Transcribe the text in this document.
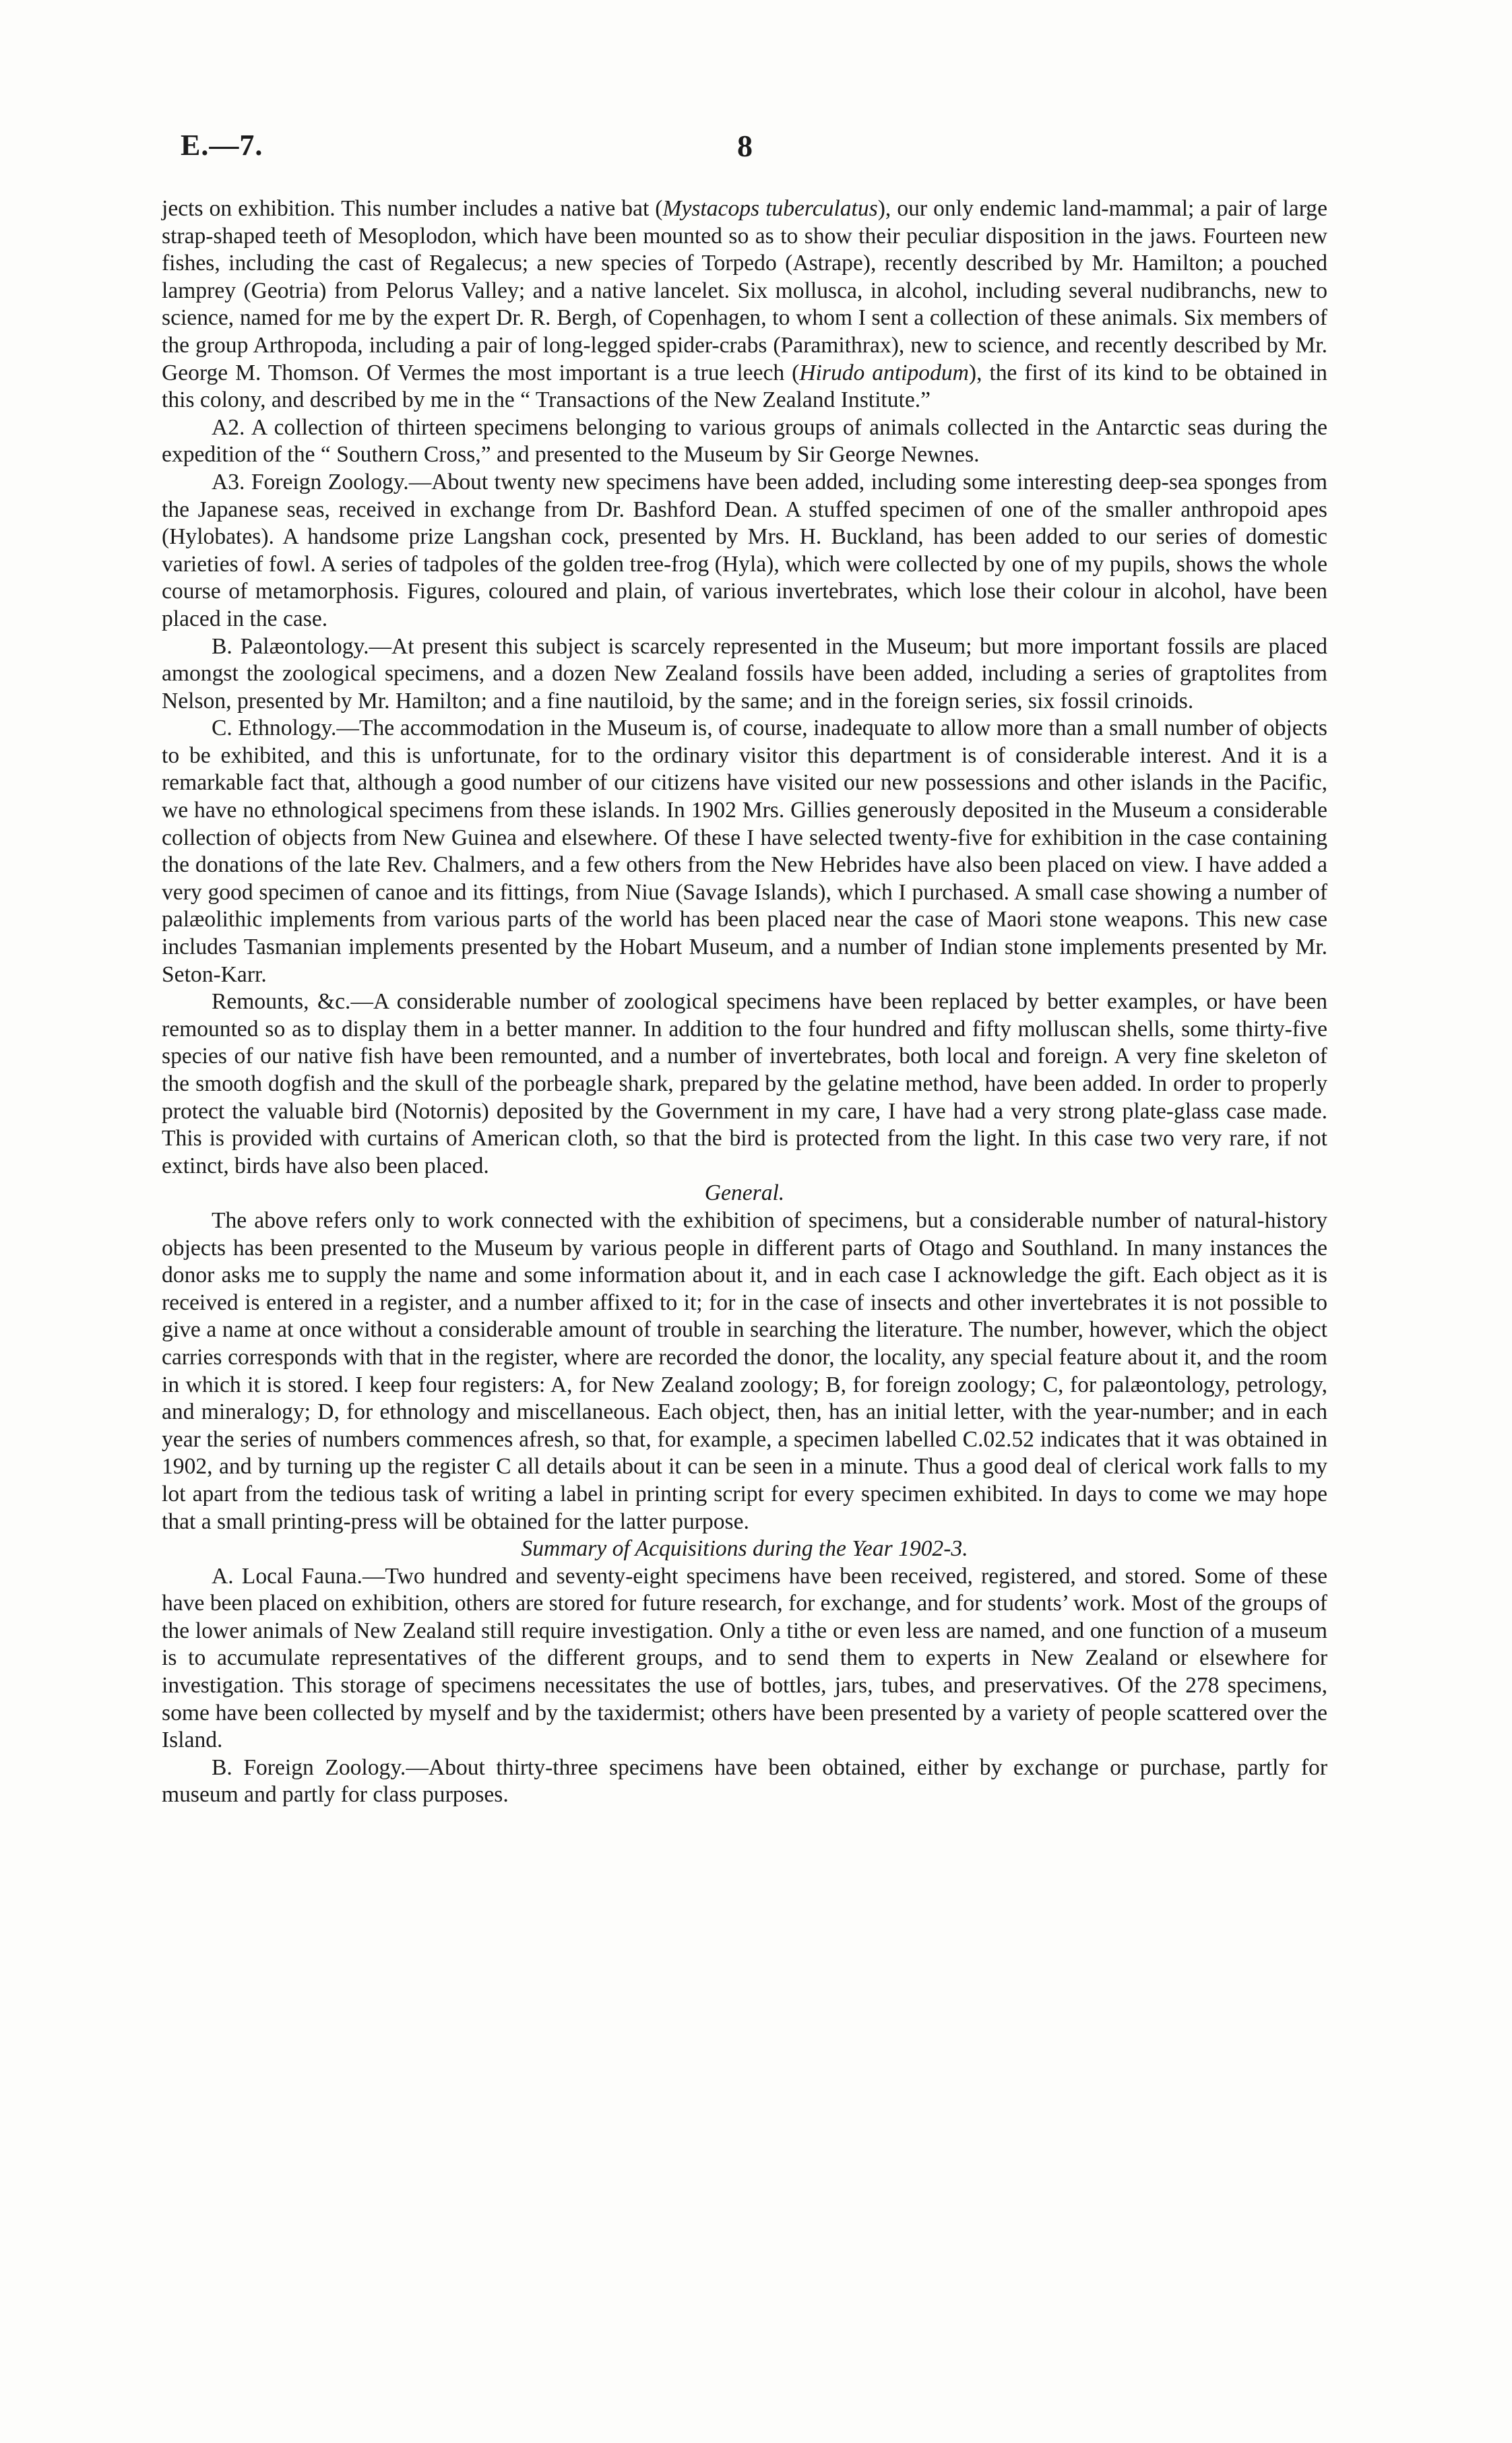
E.—7.	8

jects on exhibition. This number includes a native bat (Mystacops tuberculatus), our only endemic land-mammal; a pair of large strap-shaped teeth of Mesoplodon, which have been mounted so as to show their peculiar disposition in the jaws. Fourteen new fishes, including the cast of Regalecus; a new species of Torpedo (Astrape), recently described by Mr. Hamilton; a pouched lamprey (Geotria) from Pelorus Valley; and a native lancelet. Six mollusca, in alcohol, including several nudibranchs, new to science, named for me by the expert Dr. R. Bergh, of Copenhagen, to whom I sent a collection of these animals. Six members of the group Arthropoda, including a pair of long-legged spider-crabs (Paramithrax), new to science, and recently described by Mr. George M. Thomson. Of Vermes the most important is a true leech (Hirudo antipodum), the first of its kind to be obtained in this colony, and described by me in the “ Transactions of the New Zealand Institute.”

A2. A collection of thirteen specimens belonging to various groups of animals collected in the Antarctic seas during the expedition of the “ Southern Cross,” and presented to the Museum by Sir George Newnes.

A3. Foreign Zoology.—About twenty new specimens have been added, including some interesting deep-sea sponges from the Japanese seas, received in exchange from Dr. Bashford Dean. A stuffed specimen of one of the smaller anthropoid apes (Hylobates). A handsome prize Langshan cock, presented by Mrs. H. Buckland, has been added to our series of domestic varieties of fowl. A series of tadpoles of the golden tree-frog (Hyla), which were collected by one of my pupils, shows the whole course of metamorphosis. Figures, coloured and plain, of various invertebrates, which lose their colour in alcohol, have been placed in the case.

B. Palæontology.—At present this subject is scarcely represented in the Museum; but more important fossils are placed amongst the zoological specimens, and a dozen New Zealand fossils have been added, including a series of graptolites from Nelson, presented by Mr. Hamilton; and a fine nautiloid, by the same; and in the foreign series, six fossil crinoids.

C. Ethnology.—The accommodation in the Museum is, of course, inadequate to allow more than a small number of objects to be exhibited, and this is unfortunate, for to the ordinary visitor this department is of considerable interest. And it is a remarkable fact that, although a good number of our citizens have visited our new possessions and other islands in the Pacific, we have no ethnological specimens from these islands. In 1902 Mrs. Gillies generously deposited in the Museum a considerable collection of objects from New Guinea and elsewhere. Of these I have selected twenty-five for exhibition in the case containing the donations of the late Rev. Chalmers, and a few others from the New Hebrides have also been placed on view. I have added a very good specimen of canoe and its fittings, from Niue (Savage Islands), which I purchased. A small case showing a number of palæolithic implements from various parts of the world has been placed near the case of Maori stone weapons. This new case includes Tasmanian implements presented by the Hobart Museum, and a number of Indian stone implements presented by Mr. Seton-Karr.

Remounts, &c.—A considerable number of zoological specimens have been replaced by better examples, or have been remounted so as to display them in a better manner. In addition to the four hundred and fifty molluscan shells, some thirty-five species of our native fish have been remounted, and a number of invertebrates, both local and foreign. A very fine skeleton of the smooth dogfish and the skull of the porbeagle shark, prepared by the gelatine method, have been added. In order to properly protect the valuable bird (Notornis) deposited by the Government in my care, I have had a very strong plate-glass case made. This is provided with curtains of American cloth, so that the bird is protected from the light. In this case two very rare, if not extinct, birds have also been placed.

General.

The above refers only to work connected with the exhibition of specimens, but a considerable number of natural-history objects has been presented to the Museum by various people in different parts of Otago and Southland. In many instances the donor asks me to supply the name and some information about it, and in each case I acknowledge the gift. Each object as it is received is entered in a register, and a number affixed to it; for in the case of insects and other invertebrates it is not possible to give a name at once without a considerable amount of trouble in searching the literature. The number, however, which the object carries corresponds with that in the register, where are recorded the donor, the locality, any special feature about it, and the room in which it is stored. I keep four registers: A, for New Zealand zoology; B, for foreign zoology; C, for palæontology, petrology, and mineralogy; D, for ethnology and miscellaneous. Each object, then, has an initial letter, with the year-number; and in each year the series of numbers commences afresh, so that, for example, a specimen labelled C.02.52 indicates that it was obtained in 1902, and by turning up the register C all details about it can be seen in a minute. Thus a good deal of clerical work falls to my lot apart from the tedious task of writing a label in printing script for every specimen exhibited. In days to come we may hope that a small printing-press will be obtained for the latter purpose.

Summary of Acquisitions during the Year 1902-3.

A. Local Fauna.—Two hundred and seventy-eight specimens have been received, registered, and stored. Some of these have been placed on exhibition, others are stored for future research, for exchange, and for students’ work. Most of the groups of the lower animals of New Zealand still require investigation. Only a tithe or even less are named, and one function of a museum is to accumulate representatives of the different groups, and to send them to experts in New Zealand or elsewhere for investigation. This storage of specimens necessitates the use of bottles, jars, tubes, and preservatives. Of the 278 specimens, some have been collected by myself and by the taxidermist; others have been presented by a variety of people scattered over the Island.

B. Foreign Zoology.—About thirty-three specimens have been obtained, either by exchange or purchase, partly for museum and partly for class purposes.
